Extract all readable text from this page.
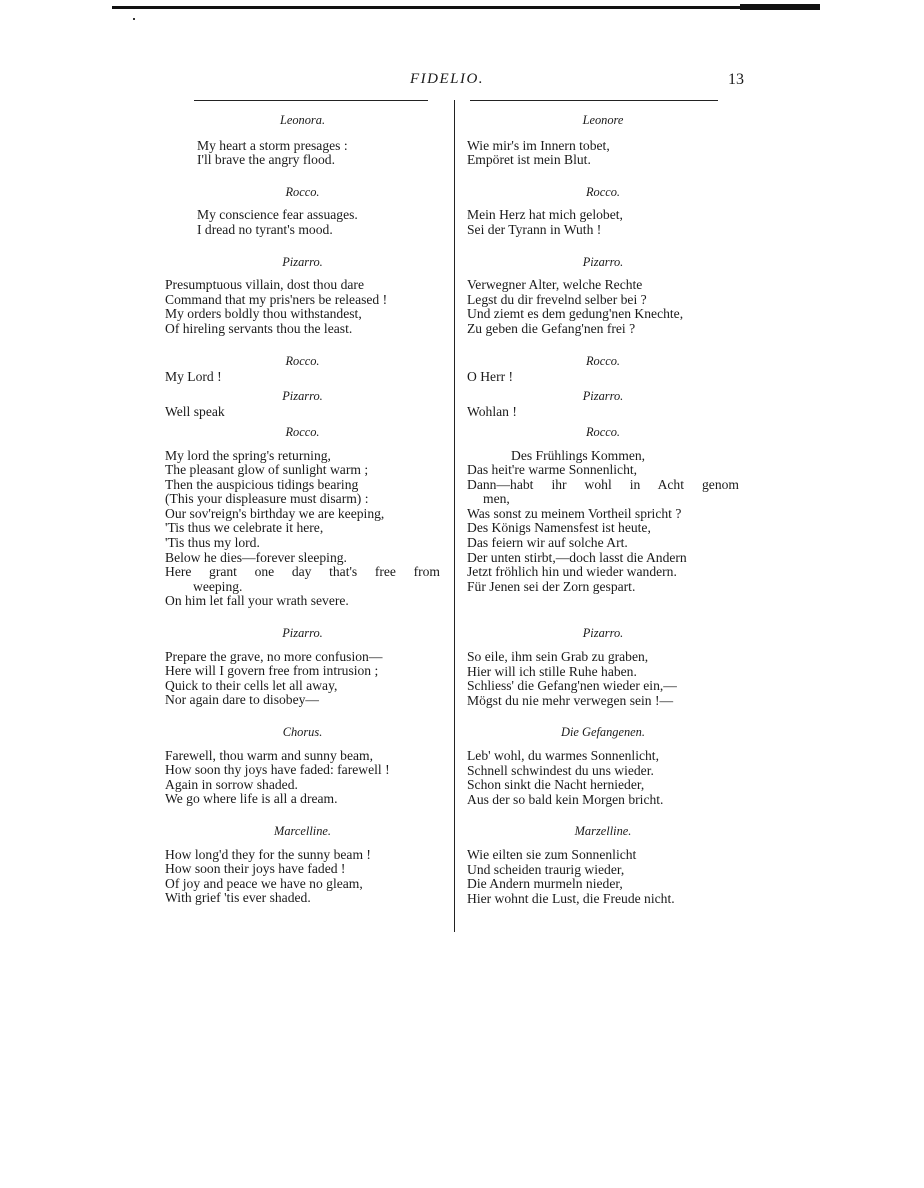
FIDELIO.	13
Leonora.
My heart a storm presages :
I'll brave the angry flood.
Rocco.
My conscience fear assuages.
I dread no tyrant's mood.
Pizarro.
Presumptuous villain, dost thou dare
Command that my pris'ners be released !
My orders boldly thou withstandest,
Of hireling servants thou the least.
Rocco.
My Lord !
Pizarro.
Well speak
Rocco.
My lord the spring's returning,
The pleasant glow of sunlight warm ;
Then the auspicious tidings bearing
(This your displeasure must disarm) :
Our sov'reign's birthday we are keeping,
'Tis thus we celebrate it here,
'Tis thus my lord.
Below he dies—forever sleeping.
Here grant one day that's free from
weeping.
On him let fall your wrath severe.
Pizarro.
Prepare the grave, no more confusion—
Here will I govern free from intrusion ;
Quick to their cells let all away,
Nor again dare to disobey—
Chorus.
Farewell, thou warm and sunny beam,
How soon thy joys have faded: farewell !
Again in sorrow shaded.
We go where life is all a dream.
Marcelline.
How long'd they for the sunny beam !
How soon their joys have faded !
Of joy and peace we have no gleam,
With grief 'tis ever shaded.
Leonore
Wie mir's im Innern tobet,
Empöret ist mein Blut.
Rocco.
Mein Herz hat mich gelobet,
Sei der Tyrann in Wuth !
Pizarro.
Verwegner Alter, welche Rechte
Legst du dir frevelnd selber bei ?
Und ziemt es dem gedung'nen Knechte,
Zu geben die Gefang'nen frei ?
Rocco.
O Herr !
Pizarro.
Wohlan !
Rocco.
Des Frühlings Kommen,
Das heit're warme Sonnenlicht,
Dann—habt ihr wohl in Acht genom
men,
Was sonst zu meinem Vortheil spricht ?
Des Königs Namensfest ist heute,
Das feiern wir auf solche Art.
Der unten stirbt,—doch lasst die Andern
Jetzt fröhlich hin und wieder wandern.
Für Jenen sei der Zorn gespart.
Pizarro.
So eile, ihm sein Grab zu graben,
Hier will ich stille Ruhe haben.
Schliess' die Gefang'nen wieder ein,—
Mögst du nie mehr verwegen sein !—
Die Gefangenen.
Leb' wohl, du warmes Sonnenlicht,
Schnell schwindest du uns wieder.
Schon sinkt die Nacht hernieder,
Aus der so bald kein Morgen bricht.
Marzelline.
Wie eilten sie zum Sonnenlicht
Und scheiden traurig wieder,
Die Andern murmeln nieder,
Hier wohnt die Lust, die Freude nicht.
